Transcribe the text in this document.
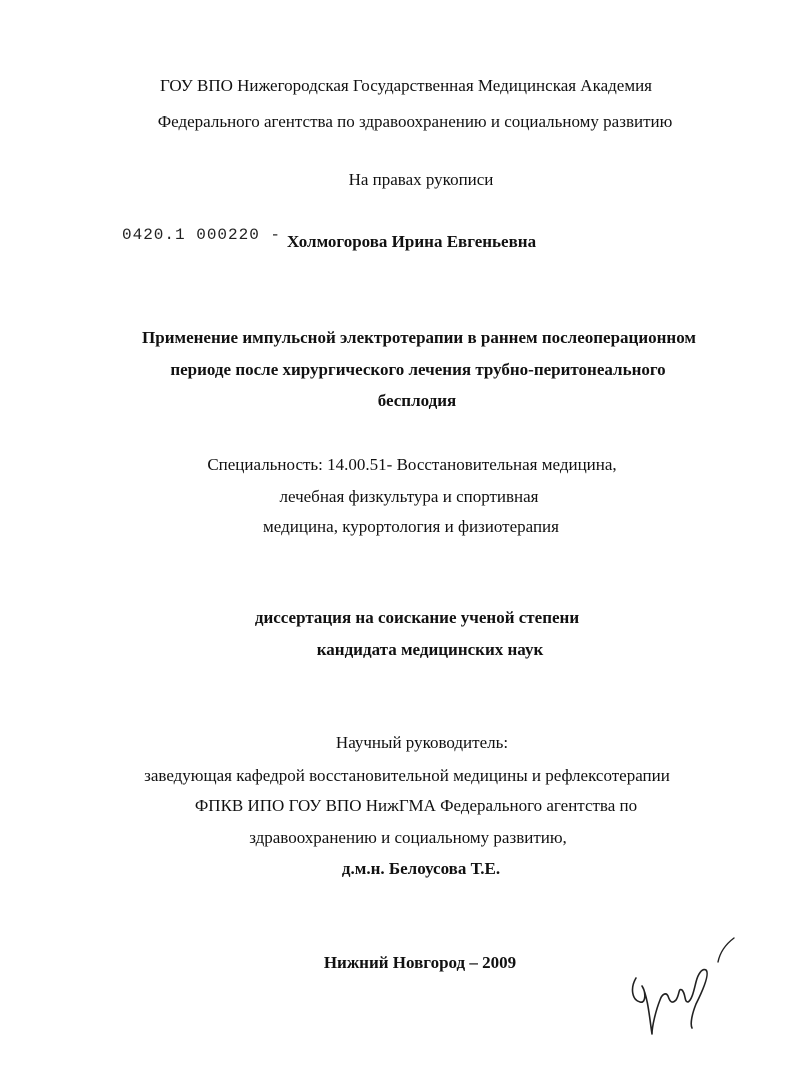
ГОУ ВПО Нижегородская Государственная Медицинская Академия
Федерального агентства по здравоохранению и социальному развитию
На правах рукописи
0420.1 000220 - Холмогорова Ирина Евгеньевна
Применение импульсной электротерапии в раннем послеоперационном
периоде после хирургического лечения трубно-перитонеального
бесплодия
Специальность: 14.00.51- Восстановительная медицина,
лечебная физкультура и спортивная
медицина, курортология и физиотерапия
диссертация на соискание ученой степени
кандидата медицинских наук
Научный руководитель:
заведующая кафедрой восстановительной медицины и рефлексотерапии
ФПКВ ИПО ГОУ ВПО НижГМА Федерального агентства по
здравоохранению и социальному развитию,
д.м.н. Белоусова Т.Е.
Нижний Новгород – 2009
